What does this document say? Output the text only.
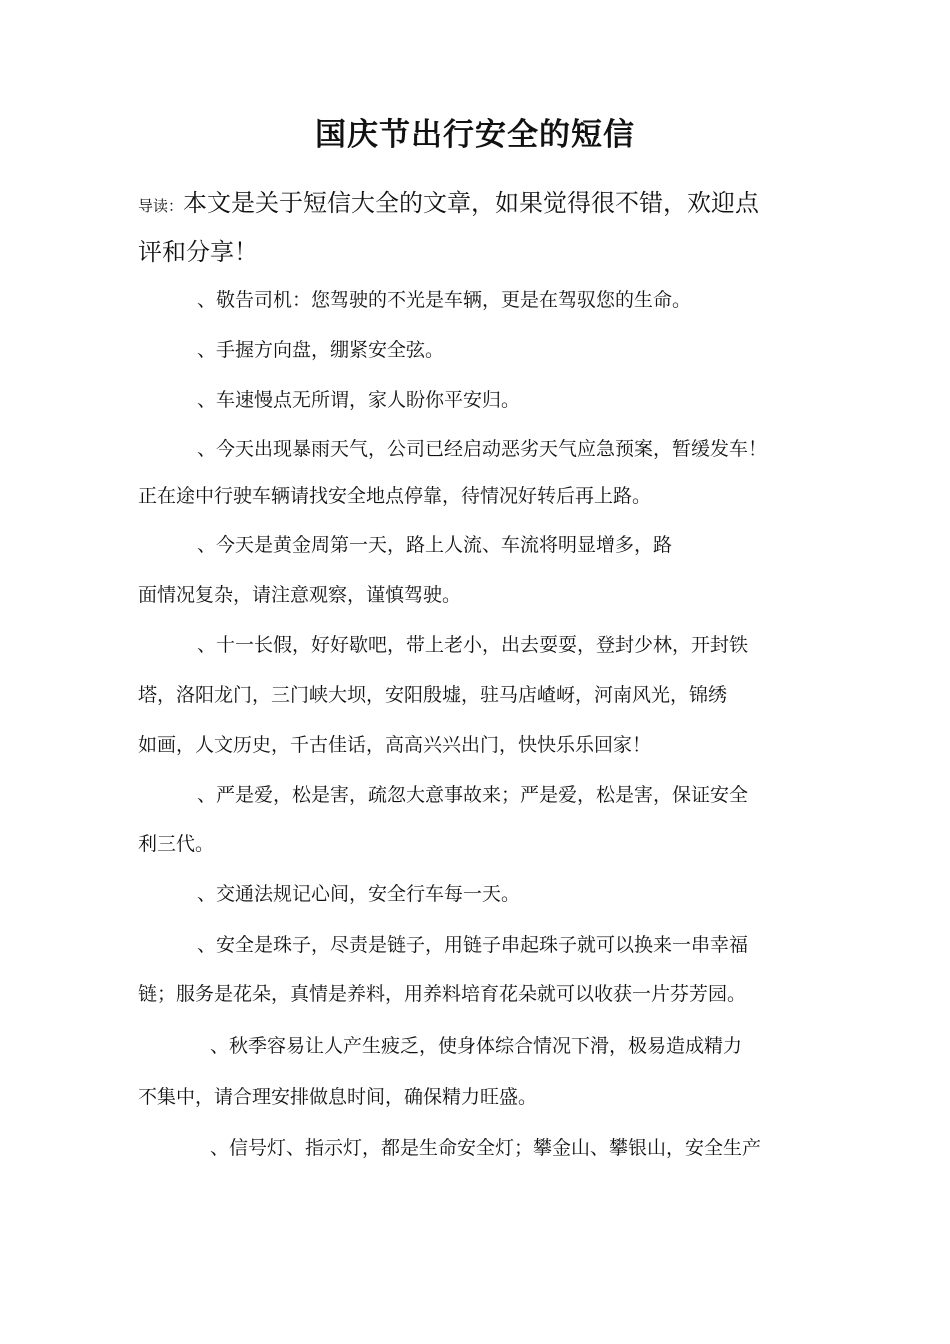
国庆节出行安全的短信
导读：本文是关于短信大全的文章，如果觉得很不错，欢迎点
评和分享！
、敬告司机：您驾驶的不光是车辆，更是在驾驭您的生命。
、手握方向盘，绷紧安全弦。
、车速慢点无所谓，家人盼你平安归。
、今天出现暴雨天气，公司已经启动恶劣天气应急预案，暂缓发车！
正在途中行驶车辆请找安全地点停靠，待情况好转后再上路。
、今天是黄金周第一天，路上人流、车流将明显增多，路
面情况复杂，请注意观察，谨慎驾驶。
、十一长假，好好歇吧，带上老小，出去耍耍，登封少林，开封铁
塔，洛阳龙门，三门峡大坝，安阳殷墟，驻马店嵖岈，河南风光，锦绣
如画，人文历史，千古佳话，高高兴兴出门，快快乐乐回家！
、严是爱，松是害，疏忽大意事故来；严是爱，松是害，保证安全
利三代。
、交通法规记心间，安全行车每一天。
、安全是珠子，尽责是链子，用链子串起珠子就可以换来一串幸福
链；服务是花朵，真情是养料，用养料培育花朵就可以收获一片芬芳园。
、秋季容易让人产生疲乏，使身体综合情况下滑，极易造成精力
不集中，请合理安排做息时间，确保精力旺盛。
、信号灯、指示灯，都是生命安全灯；攀金山、攀银山，安全生产
